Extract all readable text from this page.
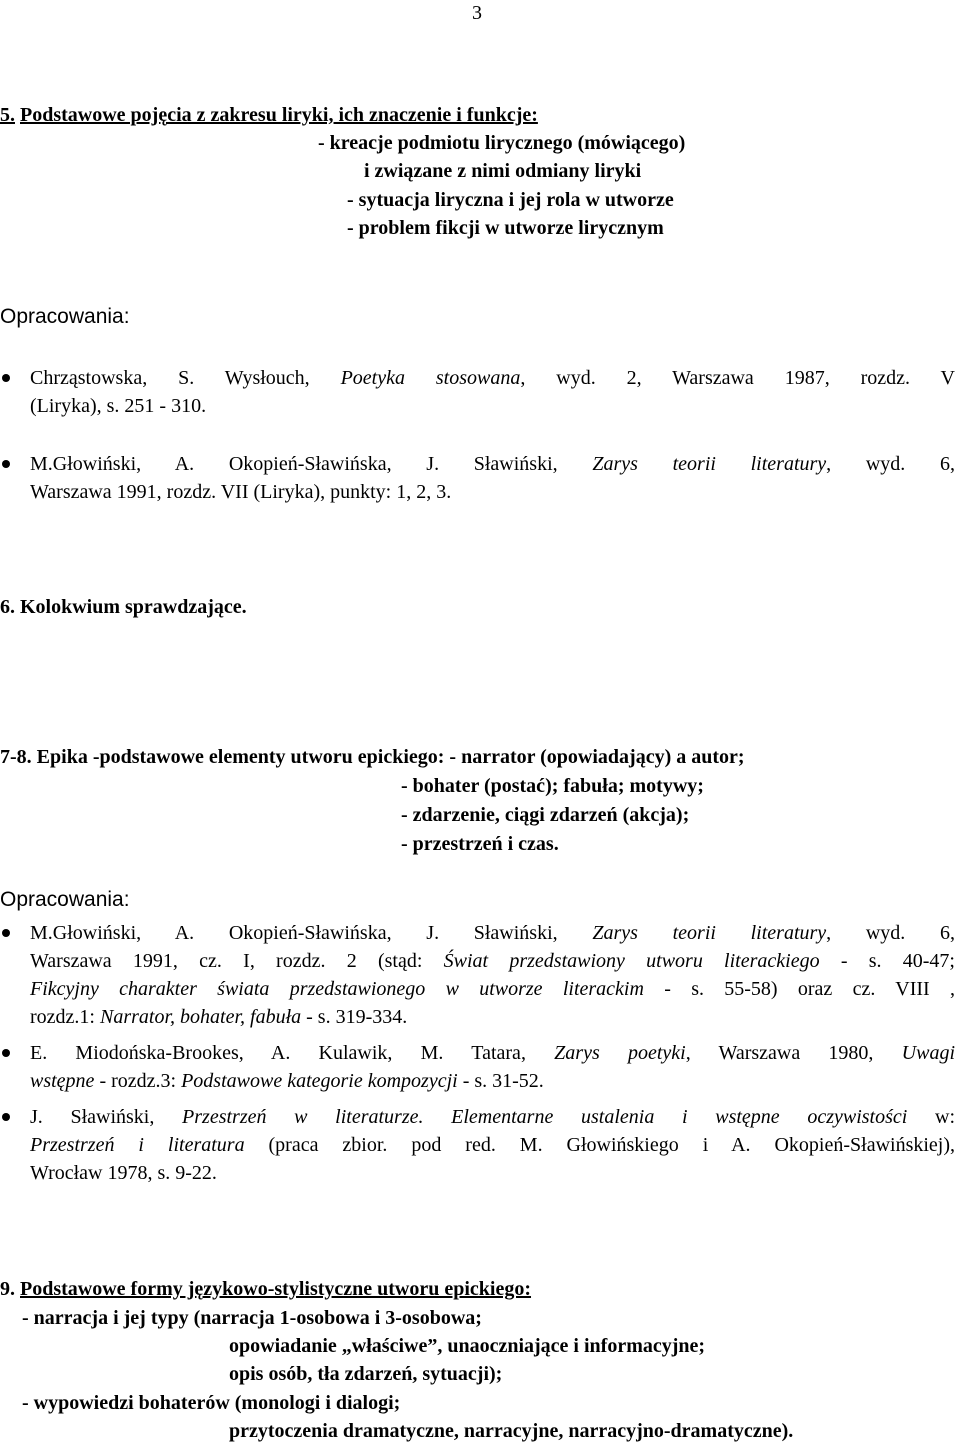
3
5. Podstawowe pojęcia z zakresu liryki, ich znaczenie i funkcje:
- kreacje podmiotu lirycznego (mówiącego)
i związane z nimi odmiany liryki
- sytuacja liryczna i jej rola w utworze
- problem fikcji w utworze lirycznym
Opracowania:
Chrząstowska, S. Wysłouch, Poetyka stosowana, wyd. 2, Warszawa 1987, rozdz. V
(Liryka), s. 251 - 310.
M.Głowiński, A. Okopień-Sławińska, J. Sławiński, Zarys teorii literatury, wyd. 6,
Warszawa 1991, rozdz. VII (Liryka), punkty: 1, 2, 3.
6. Kolokwium sprawdzające.
7-8. Epika -podstawowe elementy utworu epickiego: - narrator (opowiadający) a autor;
- bohater (postać); fabuła; motywy;
- zdarzenie, ciągi zdarzeń (akcja);
- przestrzeń i czas.
Opracowania:
M.Głowiński, A. Okopień-Sławińska, J. Sławiński, Zarys teorii literatury, wyd. 6,
Warszawa 1991, cz. I, rozdz. 2 (stąd: Świat przedstawiony utworu literackiego - s. 40-47;
Fikcyjny charakter świata przedstawionego w utworze literackim - s. 55-58) oraz cz. VIII ,
rozdz.1: Narrator, bohater, fabuła - s. 319-334.
E. Miodońska-Brookes, A. Kulawik, M. Tatara, Zarys poetyki, Warszawa 1980, Uwagi
wstępne - rozdz.3: Podstawowe kategorie kompozycji - s. 31-52.
J. Sławiński, Przestrzeń w literaturze. Elementarne ustalenia i wstępne oczywistości w:
Przestrzeń i literatura (praca zbior. pod red. M. Głowińskiego i A. Okopień-Sławińskiej),
Wrocław 1978, s. 9-22.
9. Podstawowe formy językowo-stylistyczne utworu epickiego:
- narracja i jej typy (narracja 1-osobowa i 3-osobowa;
opowiadanie „właściwe”, unaoczniające i informacyjne;
opis osób, tła zdarzeń, sytuacji);
- wypowiedzi bohaterów (monologi i dialogi;
przytoczenia dramatyczne, narracyjne, narracyjno-dramatyczne).
